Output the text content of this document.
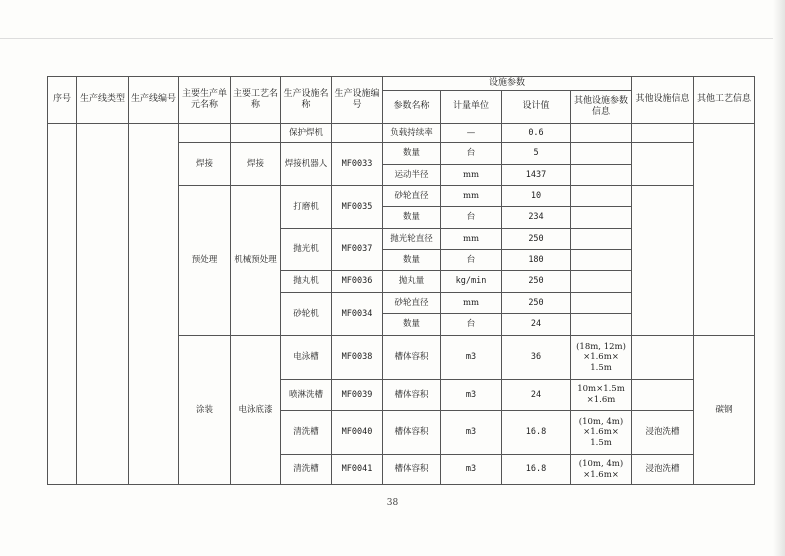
序号	生产线类型	生产线编号	主要生产单元名称	主要工艺名称	生产设施名称	生产设施编号	设施参数				其他设施信息	其他工艺信息
							参数名称	计量单位	设计值	其他设施参数信息		
					保护焊机		负载持续率	—	0.6			
			焊接	焊接	焊接机器人	MF0033	数量	台	5			
							运动半径	mm	1437			
			预处理	机械预处理	打磨机	MF0035	砂轮直径	mm	10			
							数量	台	234			
					抛光机	MF0037	抛光轮直径	mm	250			
							数量	台	180			
					抛丸机	MF0036	抛丸量	kg/min	250			
					砂轮机	MF0034	砂轮直径	mm	250			
							数量	台	24			
			涂装	电泳底漆	电泳槽	MF0038	槽体容积	m3	36	(18m, 12m) ×1.6m× 1.5m		碳钢
					喷淋洗槽	MF0039	槽体容积	m3	24	10m×1.5m ×1.6m		
					清洗槽	MF0040	槽体容积	m3	16.8	(10m, 4m) ×1.6m× 1.5m	浸泡洗槽	
					清洗槽	MF0041	槽体容积	m3	16.8	(10m, 4m) ×1.6m×	浸泡洗槽	
38
